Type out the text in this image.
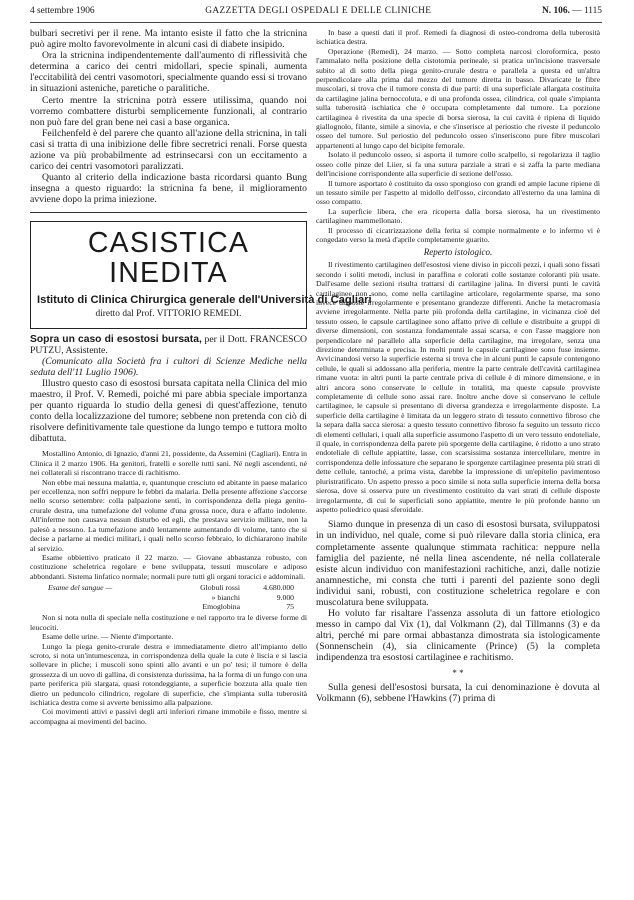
4 settembre 1906	GAZZETTA DEGLI OSPEDALI E DELLE CLINICHE	N. 106. — 1115

bulbari secretivi per il rene. Ma intanto esiste il fatto che la stricnina può agire molto favorevolmente in alcuni casi di diabete insipido.

Ora la stricnina indipendentemente dall'aumento di riflessività che determina a carico dei centri midollari, specie spinali, aumenta l'eccitabilità dei centri vasomotori, specialmente quando essi si trovano in situazioni asteniche, paretiche o paralitiche.

Certo mentre la stricnina potrà essere utilissima, quando noi vorremo combattere disturbi semplicemente funzionali, al contrario non può fare del gran bene nei casi a base organica.

Feilchenfeld è del parere che quanto all'azione della stricnina, in tali casi si tratta di una inibizione delle fibre secretrici renali. Forse questa azione va più probabilmente ad estrinsecarsi con un eccitamento a carico dei centri vasomotori paralizzati.

Quanto al criterio della indicazione basta ricordarsi quanto Bung insegna a questo riguardo: la stricnina fa bene, il miglioramento avviene dopo la prima iniezione.

CASISTICA INEDITA
Istituto di Clinica Chirurgica generale dell'Università di Cagliari
diretto dal Prof. VITTORIO REMEDI.

Sopra un caso di esostosi bursata, per il Dott. FRANCESCO PUTZU, Assistente.

(Comunicato alla Società fra i cultori di Scienze Mediche nella seduta dell'11 Luglio 1906).

Illustro questo caso di esostosi bursata capitata nella Clinica del mio maestro, il Prof. V. Remedi, poiché mi pare abbia speciale importanza per quanto riguarda lo studio della genesi di quest'affezione, tenuto conto della localizzazione del tumore; sebbene non pretenda con ciò di risolvere definitivamente tale questione da lungo tempo e tuttora molto dibattuta.

Mostallino Antonio, di Ignazio, d'anni 21, possidente, da Assemini (Cagliari). Entra in Clinica il 2 marzo 1906. Ha genitori, fratelli e sorelle tutti sani. Né negli ascendenti, né nei collaterali si riscontrano tracce di rachitismo.

Non ebbe mai nessuna malattia, e, quantunque cresciuto ed abitante in paese malarico per eccellenza, non soffrì neppure le febbri da malaria. Della presente affezione s'accorse nello scorso settembre: colla palpazione sentì, in corrispondenza della piega genito-crurale destra, una tumefazione del volume d'una grossa noce, dura e affatto indolente. All'inferme non causava nessun disturbo ed egli, che prestava servizio militare, non la palesò a nessuno. La tumefazione andò lentamente aumentando di volume, tanto che si decise a parlarne ai medici militari, i quali nello scorso febbraio, lo dichiararono inabile al servizio.

Esame obbiettivo praticato il 22 marzo. — Giovane abbastanza robusto, con costituzione scheletrica regolare e bene sviluppata, tessuti muscolare e adiposo abbondanti. Sistema linfatico normale; normali pure tutti gli organi toracici e addominali.

Esame del sangue —	Globuli rossi	4.680.000
» bianchi	9.000
Emoglobina	75

Non si nota nulla di speciale nella costituzione e nel rapporto tra le diverse forme di leucociti.

Esame delle urine. — Niente d'importante.

Lungo la piega genito-crurale destra e immediatamente dietro all'impianto dello scroto, si nota un'intumescenza, in corrispondenza della quale la cute è liscia e si lascia sollevare in pliche; i muscoli sono spinti allo avanti e un po' tesi; il tumore è della grossezza di un uovo di gallina, di consistenza durissima, ha la forma di un fungo con una parte periferica più slargata, quasi rotondeggiante, a superficie bozzuta alla quale tien dietro un peduncolo cilindrico, regolare di superficie, che s'impianta sulla tuberosità ischiatica destra come si avverte benissimo alla palpazione.

Coi movimenti attivi e passivi degli arti inferiori rimane immobile e fisso, mentre si accompagna ai movimenti del bacino.

In base a questi dati il prof. Remedi fa diagnosi di osteo-condroma della tuberosità ischiatica destra.

Operazione (Remedi), 24 marzo. — Sotto completa narcosi cloroformica, posto l'ammalato nella posizione della cistotomia perineale, si pratica un'incisione trasversale subito al di sotto della piega genito-crurale destra e parallela a questa ed un'altra perpendicolare alla prima dal mezzo del tumore diretta in basso. Divaricate le fibre muscolari, si trova che il tumore consta di due parti: di una superficiale allargata costituita da cartilagine jalina bernoccoluta, e di una profonda ossea, cilindrica, col quale s'impianta sulla tuberosità ischiatica che è occupata completamente dal tumore. La porzione cartilaginea è rivestita da una specie di borsa sierosa, la cui cavità è ripiena di liquido giallognolo, filante, simile a sinovia, e che s'inserisce al periostio che riveste il peduncolo osseo del tumore. Sul periostio del peduncolo osseo s'inseriscono pure fibre muscolari appartenenti al lungo capo del bicipite femorale.

Isolato il peduncolo osseo, si asporta il tumore collo scalpello, si regolarizza il taglio osseo colle pinze del Liier, si fa una sutura parziale a strati e si zaffa la parte mediana dell'incisione corrispondente alla superficie di sezione dell'osso.

Il tumore asportato è costituito da osso spongioso con grandi ed ampie lacune ripiene di un tessuto simile per l'aspetto al midollo dell'osso, circondato all'esterno da una lamina di osso compatto.

La superficie libera, che era ricoperta dalla borsa sierosa, ha un rivestimento cartilagineo mammellonato.

Il processo di cicatrizzazione della ferita si compie normalmente e lo infermo vi è congedato verso la metà d'aprile completamente guarito.

Reperto istologico.

Il rivestimento cartilagineo dell'esostosi viene diviso in piccoli pezzi, i quali sono fissati secondo i soliti metodi, inclusi in paraffina e colorati colle sostanze coloranti più usate. Dall'esame delle sezioni risulta trattarsi di cartilagine jalina. In diversi punti le cavità cartilaginee non sono, come nella cartilagine articolare, regolarmente sparse, ma sono invece disposte irregolarmente e presentano grandezze differenti. Anche la metacromasia avviene irregolarmente. Nella parte più profonda della cartilagine, in vicinanza cioè del tessuto osseo, le capsule cartilaginee sono affatto prive di cellule e distribuite a gruppi di diverse dimensioni, con sostanza fondamentale assai scarsa, e con l'asse maggiore non perpendicolare né parallelo alla superficie della cartilagine, ma irregolare, senza una direzione determinata e precisa. In molti punti le capsule cartilaginee sono fuse insieme. Avvicinandosi verso la superficie esterna si trova che in alcuni punti le capsule contengono cellule, le quali si addossano alla periferia, mentre la parte centrale dell'cavità cartilaginea rimane vuota: in altri punti la parte centrale priva di cellule è di minore dimensione, e in altri ancora sono conservate le cellule in totalità, ma queste capsule provviste completamente di cellule sono assai rare. Inoltre anche dove si conservano le cellule cartilaginee, le capsule si presentano di diversa grandezza e irregolarmente disposte. La superficie della cartilagine è limitata da un leggero strato di tessuto connettivo fibroso che la separa dalla sacca sierosa: a questo tessuto connettivo fibroso fa seguito un tessuto ricco di elementi cellulari, i quali alla superficie assumono l'aspetto di un vero tessuto endoteliale, il quale, in corrispondenza della parete più sporgente della cartilagine, è ridotto a uno strato endoteliale di cellule appiattite, lasse, con scarsissima sostanza intercellulare, mentre in corrispondenza delle infossature che separano le sporgenze cartilaginee presenta più strati di dette cellule, tantoché, a prima vista, darebbe la impressione di un'epitelio pavimentoso pluristratificato. Un aspetto presso a poco simile si nota sulla superficie interna della borsa sierosa, dove si osserva pure un rivestimento costituito da vari strati di cellule disposte irregolarmente, di cui le superficiali sono appiattite, mentre le più profonde hanno un aspetto poliedrico quasi sferoidale.

Siamo dunque in presenza di un caso di esostosi bursata, sviluppatosi in un individuo, nel quale, come si può rilevare dalla storia clinica, era completamente assente qualunque stimmata rachitica: neppure nella famiglia del paziente, né nella linea ascendente, né nella collaterale esiste alcun individuo con manifestazioni rachitiche, anzi, dalle notizie anamnestiche, mi consta che tutti i parenti del paziente sono degli individui sani, robusti, con costituzione scheletrica regolare e con muscolatura bene sviluppata.

Ho voluto far risaltare l'assenza assoluta di un fattore etiologico messo in campo dal Vix (1), dal Volkmann (2), dal Tillmanns (3) e da altri, perché mi pare ormai abbastanza dimostrata sia istologicamente (Sonnenschein (4), sia clinicamente (Prince) (5) la completa indipendenza tra esostosi cartilaginee e rachitismo.

* *

Sulla genesi dell'esostosi bursata, la cui denominazione è dovuta al Volkmann (6), sebbene l'Hawkins (7) prima di
